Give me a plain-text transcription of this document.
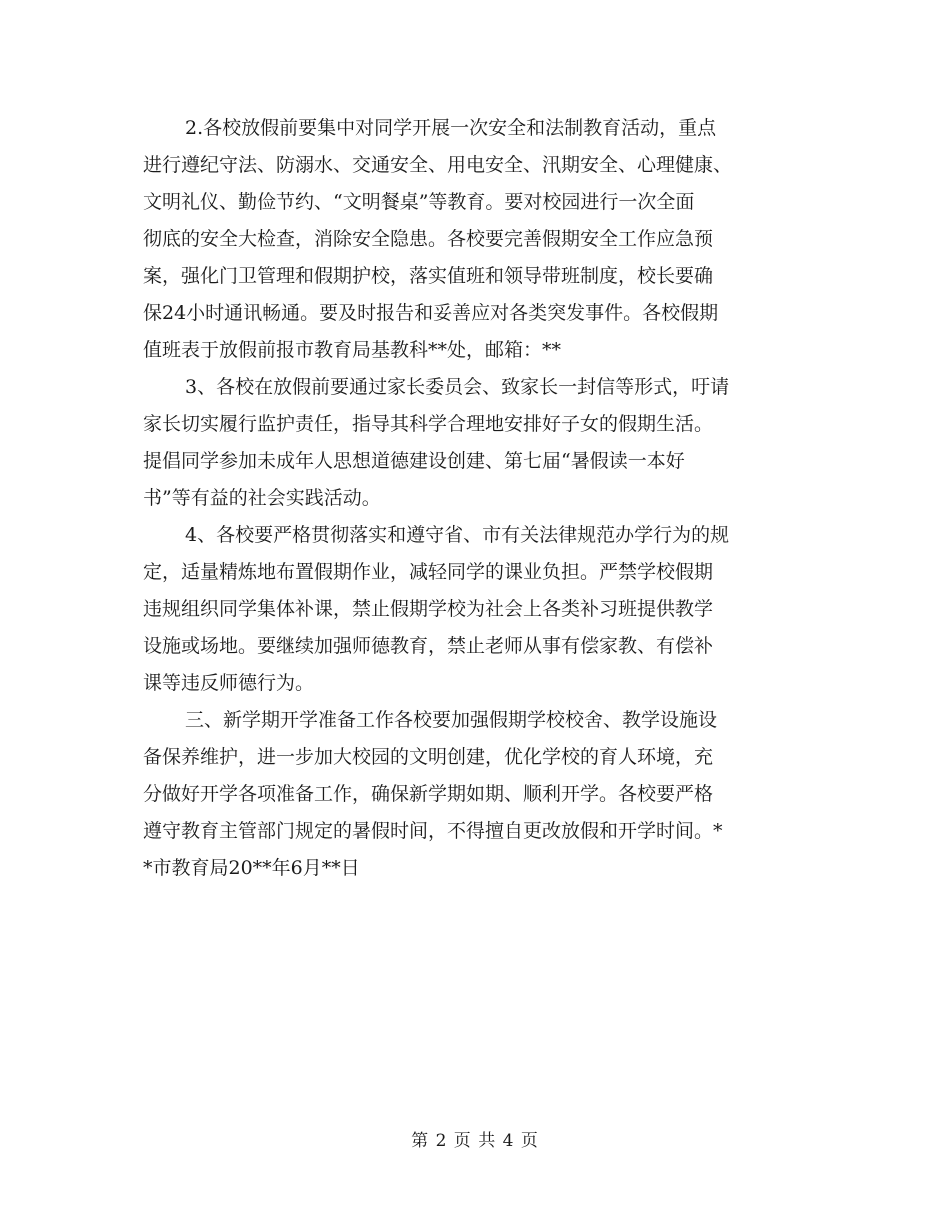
2.各校放假前要集中对同学开展一次安全和法制教育活动，重点
进行遵纪守法、防溺水、交通安全、用电安全、汛期安全、心理健康、
文明礼仪、勤俭节约、“文明餐桌”等教育。要对校园进行一次全面
彻底的安全大检查，消除安全隐患。各校要完善假期安全工作应急预
案，强化门卫管理和假期护校，落实值班和领导带班制度，校长要确
保24小时通讯畅通。要及时报告和妥善应对各类突发事件。各校假期
值班表于放假前报市教育局基教科**处，邮箱：**
3、各校在放假前要通过家长委员会、致家长一封信等形式，吁请
家长切实履行监护责任，指导其科学合理地安排好子女的假期生活。
提倡同学参加未成年人思想道德建设创建、第七届“暑假读一本好
书”等有益的社会实践活动。
4、各校要严格贯彻落实和遵守省、市有关法律规范办学行为的规
定，适量精炼地布置假期作业，减轻同学的课业负担。严禁学校假期
违规组织同学集体补课，禁止假期学校为社会上各类补习班提供教学
设施或场地。要继续加强师德教育，禁止老师从事有偿家教、有偿补
课等违反师德行为。
三、新学期开学准备工作各校要加强假期学校校舍、教学设施设
备保养维护，进一步加大校园的文明创建，优化学校的育人环境，充
分做好开学各项准备工作，确保新学期如期、顺利开学。各校要严格
遵守教育主管部门规定的暑假时间，不得擅自更改放假和开学时间。*
*市教育局20**年6月**日
第 2 页 共 4 页
